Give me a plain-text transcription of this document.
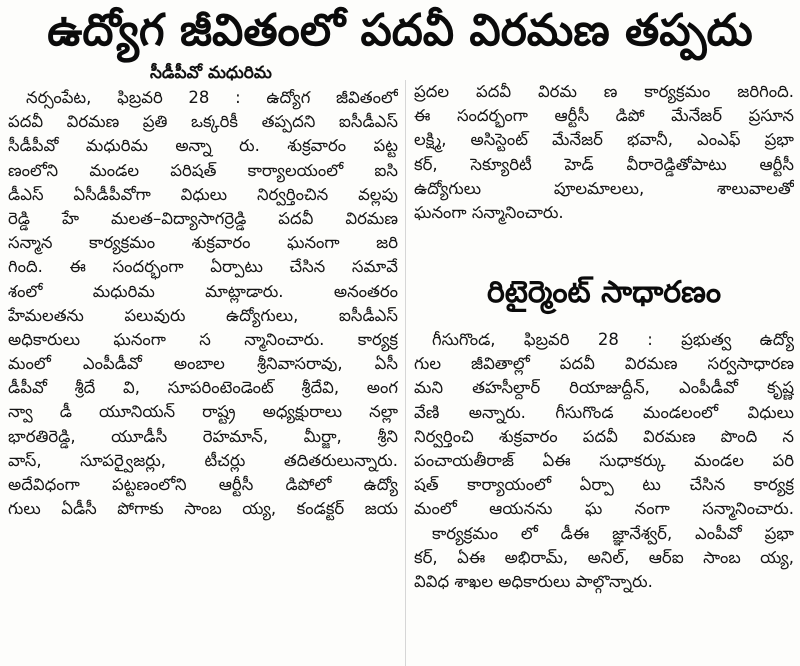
ఉద్యోగ జీవితంలో పదవీ విరమణ తప్పదు
సీడీపీవో మధురిమ
నర్సంపేట, ఫిబ్రవరి 28 : ఉద్యోగ జీవితంలో
పదవీ విరమణ ప్రతి ఒక్కరికీ తప్పదని ఐసీడీఎస్
సీడీపీవో మధురిమ అన్నా రు. శుక్రవారం పట్ట
ణంలోని మండల పరిషత్ కార్యాలయంలో ఐసి
డీఎస్ ఏసీడీపీవోగా విధులు నిర్వర్తించిన వల్లపు
రెడ్డి హే మలత–విద్యాసాగర్రెడ్డి పదవీ విరమణ
సన్మాన కార్యక్రమం శుక్రవారం ఘనంగా జరి
గింది. ఈ సందర్భంగా ఏర్పాటు చేసిన సమావే
శంలో మధురిమ మాట్లాడారు. అనంతరం
హేమలతను పలువురు ఉద్యోగులు, ఐసీడీఎస్
అధికారులు ఘనంగా స న్మానించారు. కార్యక్ర
మంలో ఎంపీడీవో అంబాల శ్రీనివాసరావు, ఏసీ
డీపీవో శ్రీదే వి, సూపరింటెండెంట్ శ్రీదేవి, అంగ
న్వా డీ యూనియన్ రాష్ట్ర అధ్యక్షురాలు నల్లా
భారతిరెడ్డి, యూడీసీ రెహమాన్, మీర్జా, శ్రీని
వాస్, సూపర్వైజర్లు, టీచర్లు తదితరులున్నారు.
అదేవిధంగా పట్టణంలోని ఆర్టీసీ డిపోలో ఉద్యో
గులు ఏడీసీ పోగాకు సాంబ య్య, కండక్టర్ జయ
ప్రదల పదవీ విరమ ణ కార్యక్రమం జరిగింది.
ఈ సందర్భంగా ఆర్టీసీ డిపో మేనేజర్ ప్రసూన
లక్ష్మి, అసిస్టెంట్ మేనేజర్ భవానీ, ఎంఎఫ్ ప్రభా
కర్, సెక్యూరిటీ హెడ్ వీరారెడ్డితోపాటు ఆర్టీసీ
ఉద్యోగులు పూలమాలలు, శాలువాలతో
ఘనంగా సన్మానించారు.
రిటైర్మెంట్ సాధారణం
గీసుగొండ, ఫిబ్రవరి 28 : ప్రభుత్వ ఉద్యో
గుల జీవితాల్లో పదవీ విరమణ సర్వసాధారణ
మని తహసీల్దార్ రియాజుద్దీన్, ఎంపీడీవో కృష్ణ
వేణి అన్నారు. గీసుగొండ మండలంలో విధులు
నిర్వర్తించి శుక్రవారం పదవీ విరమణ పొంది న
పంచాయతీరాజ్ ఏఈ సుధాకర్కు మండల పరి
షత్ కార్యాయంలో ఏర్పా టు చేసిన కార్యక్ర
మంలో ఆయనను ఘ నంగా సన్మానించారు.
కార్యక్రమం లో డీఈ జ్ఞానేశ్వర్, ఎంపీవో ప్రభా
కర్, ఏఈ అభిరామ్, అనిల్, ఆర్ఐ సాంబ య్య,
వివిధ శాఖల అధికారులు పాల్గొన్నారు.
